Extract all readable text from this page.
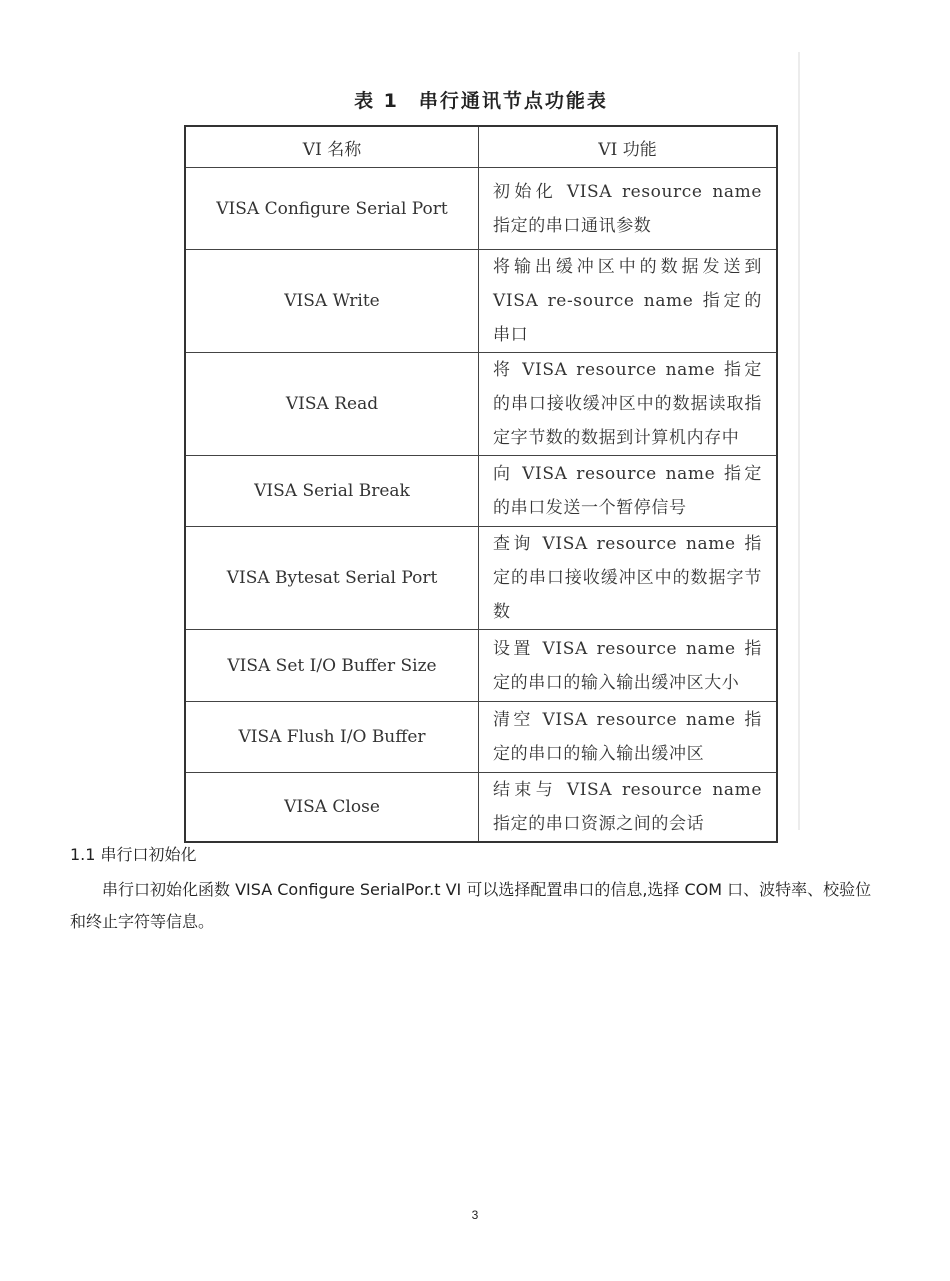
表 1 串行通讯节点功能表
VI 名称	VI 功能
VISA Configure Serial Port	初始化 VISA resource name 指定的串口通讯参数
VISA Write	将输出缓冲区中的数据发送到 VISA re-source name 指定的串口
VISA Read	将 VISA resource name 指定的串口接收缓冲区中的数据读取指定字节数的数据到计算机内存中
VISA Serial Break	向 VISA resource name 指定的串口发送一个暂停信号
VISA Bytesat Serial Port	查询 VISA resource name 指定的串口接收缓冲区中的数据字节数
VISA Set I/O Buffer Size	设置 VISA resource name 指定的串口的输入输出缓冲区大小
VISA Flush I/O Buffer	清空 VISA resource name 指定的串口的输入输出缓冲区
VISA Close	结束与 VISA resource name 指定的串口资源之间的会话
1.1 串行口初始化

串行口初始化函数 VISA Configure SerialPor.t VI 可以选择配置串口的信息,选择 COM 口、波特率、校验位和终止字符等信息。

3
